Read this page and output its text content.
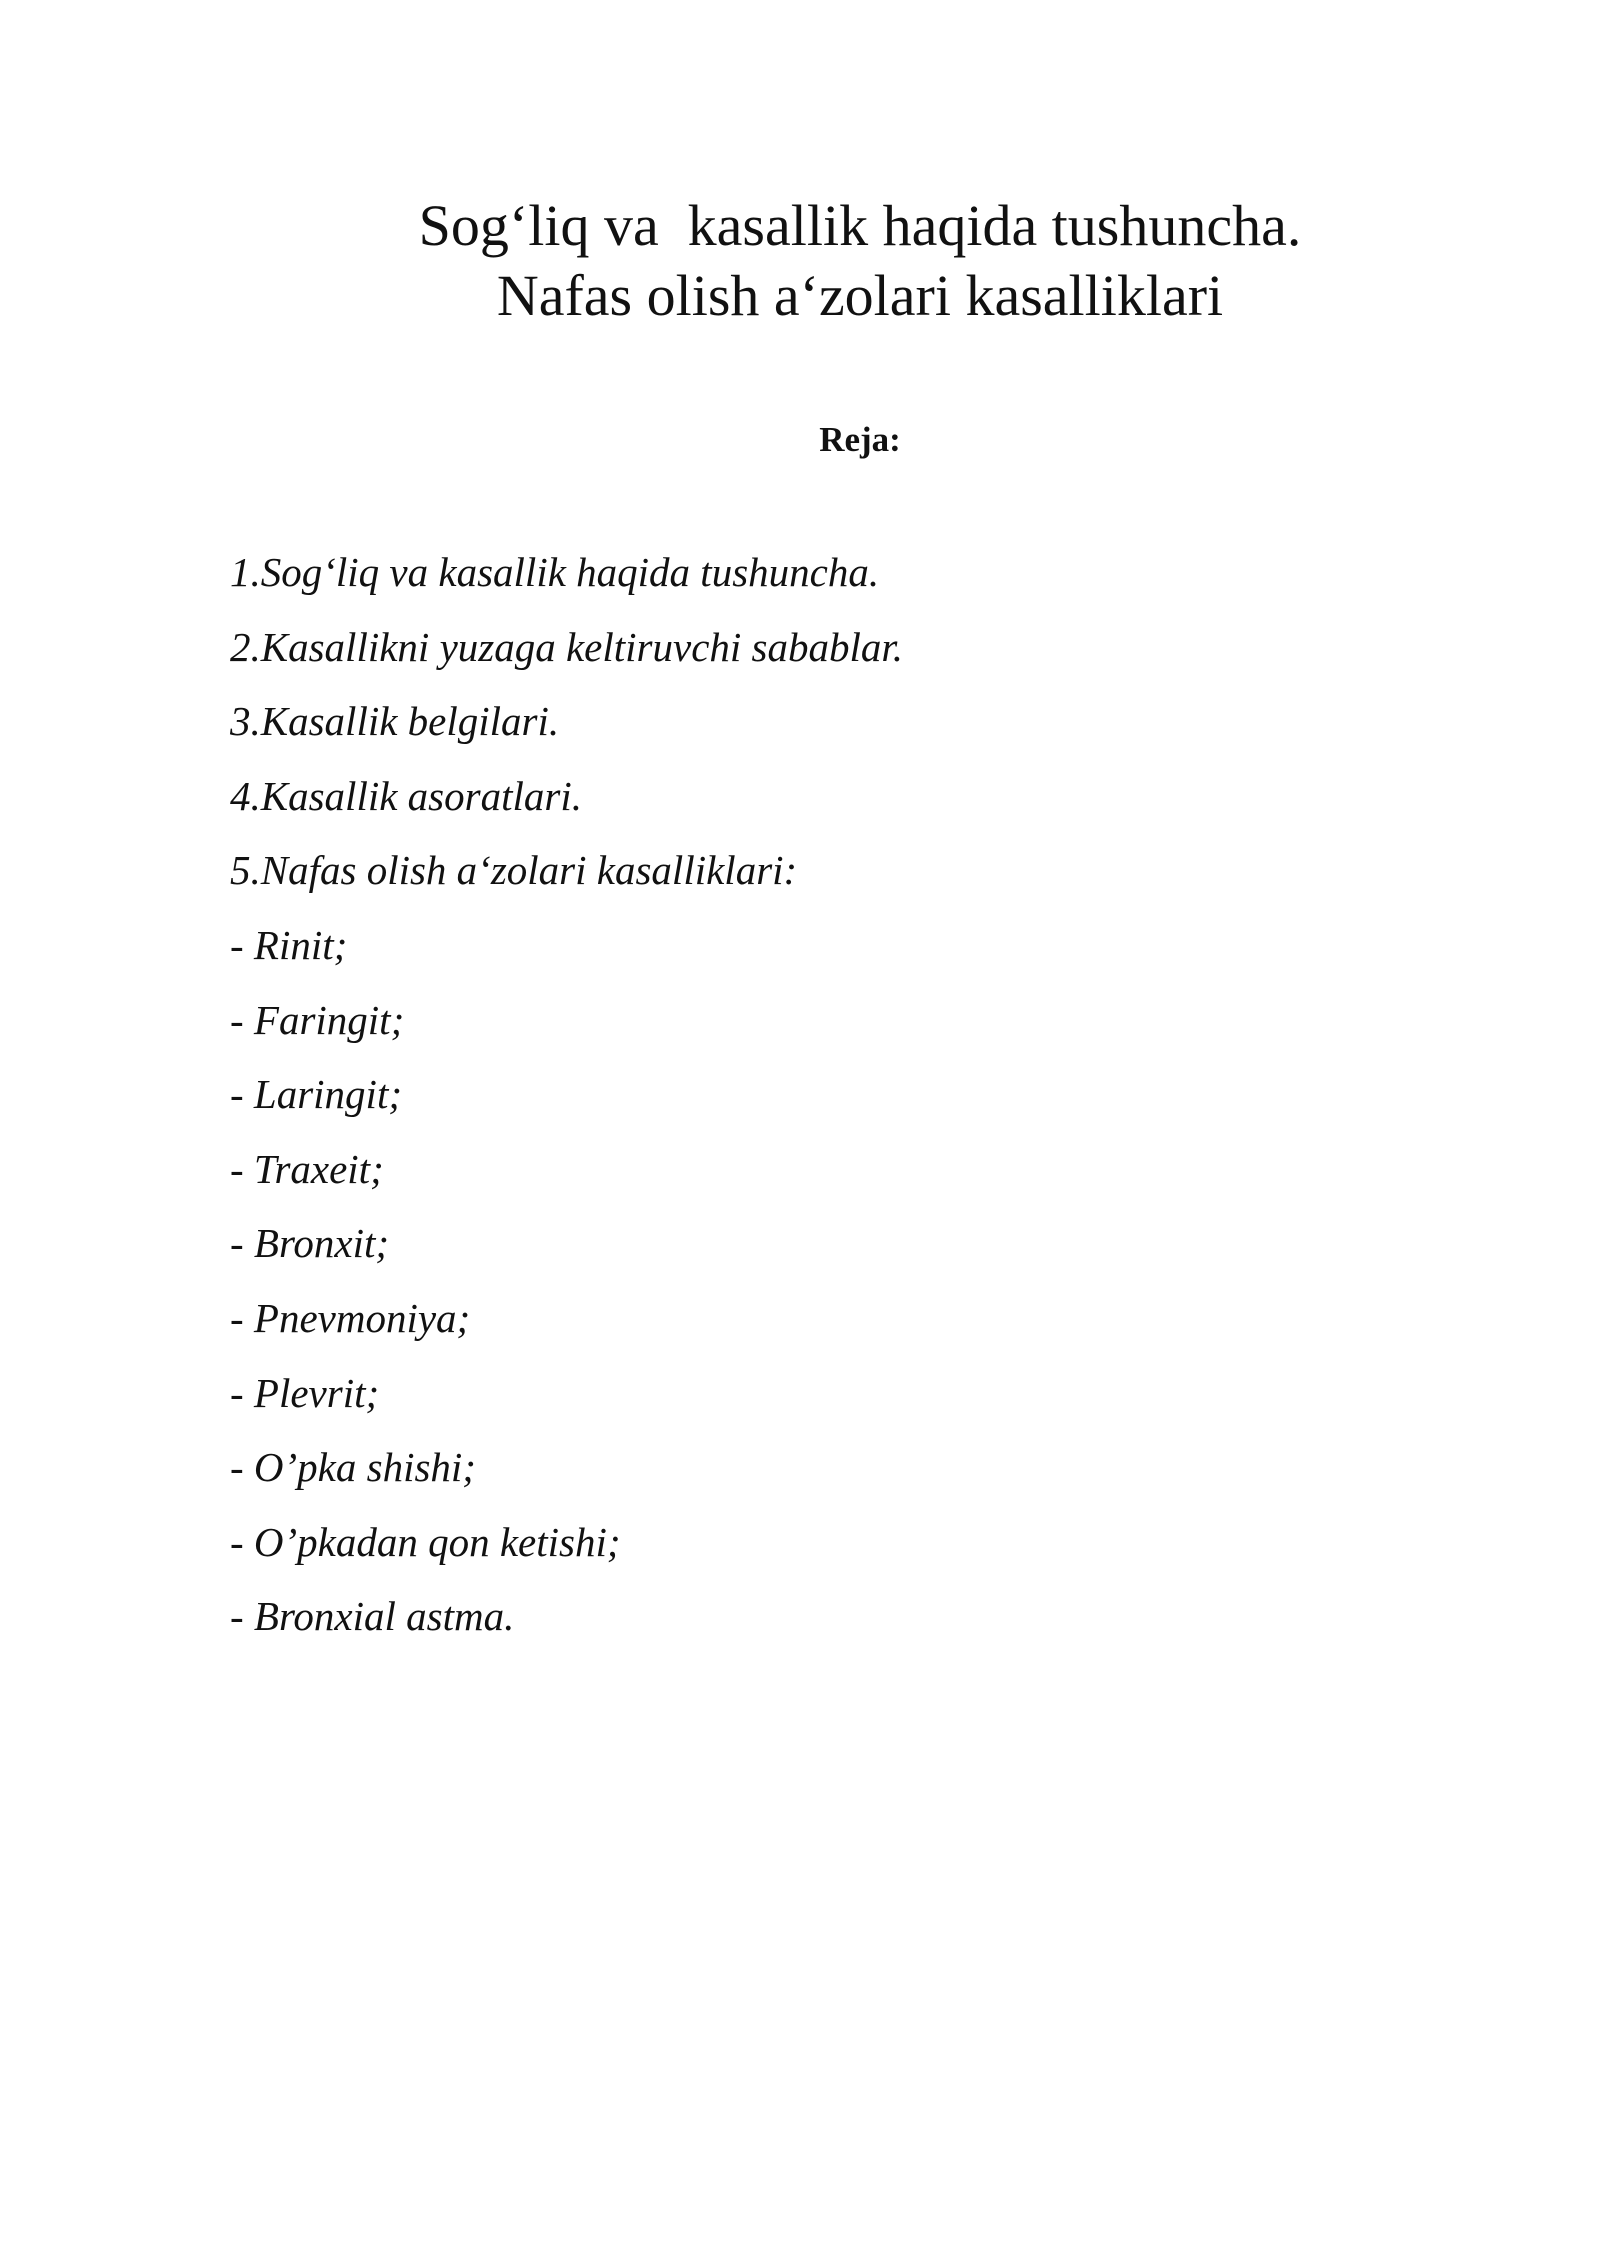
Sog‘liq va  kasallik haqida tushuncha.
Nafas olish a‘zolari kasalliklari
Reja:
1.Sog‘liq va kasallik haqida tushuncha.
2.Kasallikni yuzaga keltiruvchi sabablar.
3.Kasallik belgilari.
4.Kasallik asoratlari.
5.Nafas olish a‘zolari kasalliklari:
- Rinit;
- Faringit;
- Laringit;
- Traxeit;
- Bronxit;
- Pnevmoniya;
- Plevrit;
- O’pka shishi;
- O’pkadan qon ketishi;
- Bronxial astma.
